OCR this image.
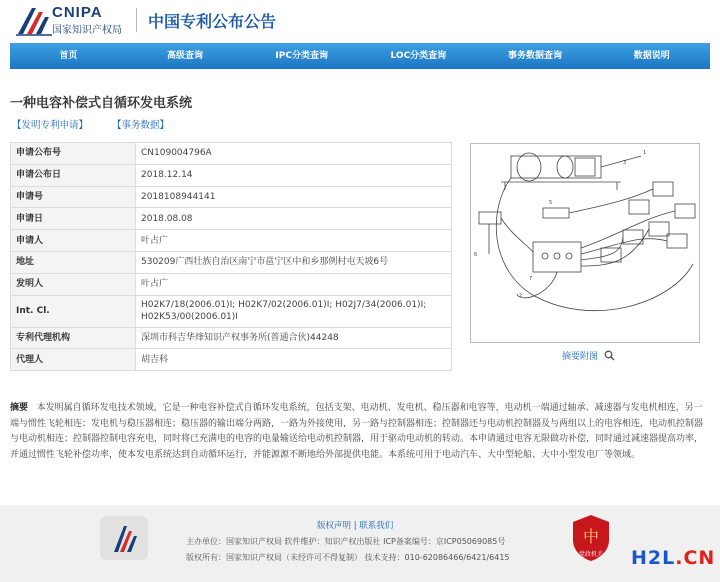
CNIPA
国家知识产权局 中国专利公布公告
首页	高级查询	IPC分类查询	LOC分类查询	事务数据查询	数据说明
一种电容补偿式自循环发电系统
【发明专利申请】	【事务数据】
申请公布号	CN109004796A
申请公布日	2018.12.14
申请号	2018108944141
申请日	2018.08.08
申请人	叶占广
地址	530209广西壮族自治区南宁市邕宁区中和乡那例村屯天坡6号
发明人	叶占广
Int. Cl.	H02K7/18(2006.01)I; H02K7/02(2006.01)I; H02J7/34(2006.01)I;
H02K53/00(2006.01)I

专利代理机构	深圳市科吉华烽知识产权事务所(普通合伙)44248
代理人	胡吉科
1
3
6
7
2
5
摘要附图
摘要 本发明属自循环发电技术领域，它是一种电容补偿式自循环发电系统，包括支架、电动机、发电机、稳压器和电容等，电动机一端通过轴承、减速器与发电机相连，另一端与惯性飞轮相连；发电机与稳压器相连；稳压器的输出端分两路，一路为外接使用，另一路与控制器相连；控制器还与电动机控制器及与两组以上的电容相连，电动机控制器与电动机相连；控制器控制电容充电，同时将已充满电的电容的电量输送给电动机控制器，用于驱动电动机的转动。本申请通过电容无限做功补偿，同时通过减速器提高功率，并通过惯性飞轮补偿功率，使本发电系统达到自动循环运行，并能源源不断地给外部提供电能。本系统可用于电动汽车、大中型轮船、大中小型发电厂等领域。
版权声明 | 联系我们
主办单位：国家知识产权局 软件维护：知识产权出版社 ICP备案编号：京ICP05069085号
版权所有：国家知识产权局（未经许可不得复制） 技术支持：010-62086466/6421/6415
中
党政机关 H2L.CN
